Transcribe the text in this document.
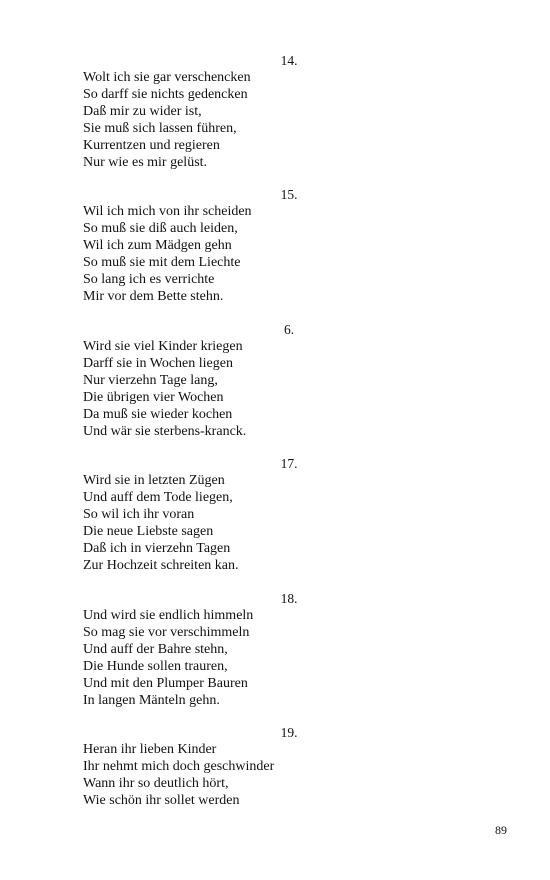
14.
Wolt ich sie gar verschencken
So darff sie nichts gedencken
Daß mir zu wider ist,
Sie muß sich lassen führen,
Kurrentzen und regieren
Nur wie es mir gelüst.
15.
Wil ich mich von ihr scheiden
So muß sie diß auch leiden,
Wil ich zum Mädgen gehn
So muß sie mit dem Liechte
So lang ich es verrichte
Mir vor dem Bette stehn.
6.
Wird sie viel Kinder kriegen
Darff sie in Wochen liegen
Nur vierzehn Tage lang,
Die übrigen vier Wochen
Da muß sie wieder kochen
Und wär sie sterbens-kranck.
17.
Wird sie in letzten Zügen
Und auff dem Tode liegen,
So wil ich ihr voran
Die neue Liebste sagen
Daß ich in vierzehn Tagen
Zur Hochzeit schreiten kan.
18.
Und wird sie endlich himmeln
So mag sie vor verschimmeln
Und auff der Bahre stehn,
Die Hunde sollen trauren,
Und mit den Plumper Bauren
In langen Mänteln gehn.
19.
Heran ihr lieben Kinder
Ihr nehmt mich doch geschwinder
Wann ihr so deutlich hört,
Wie schön ihr sollet werden
89
